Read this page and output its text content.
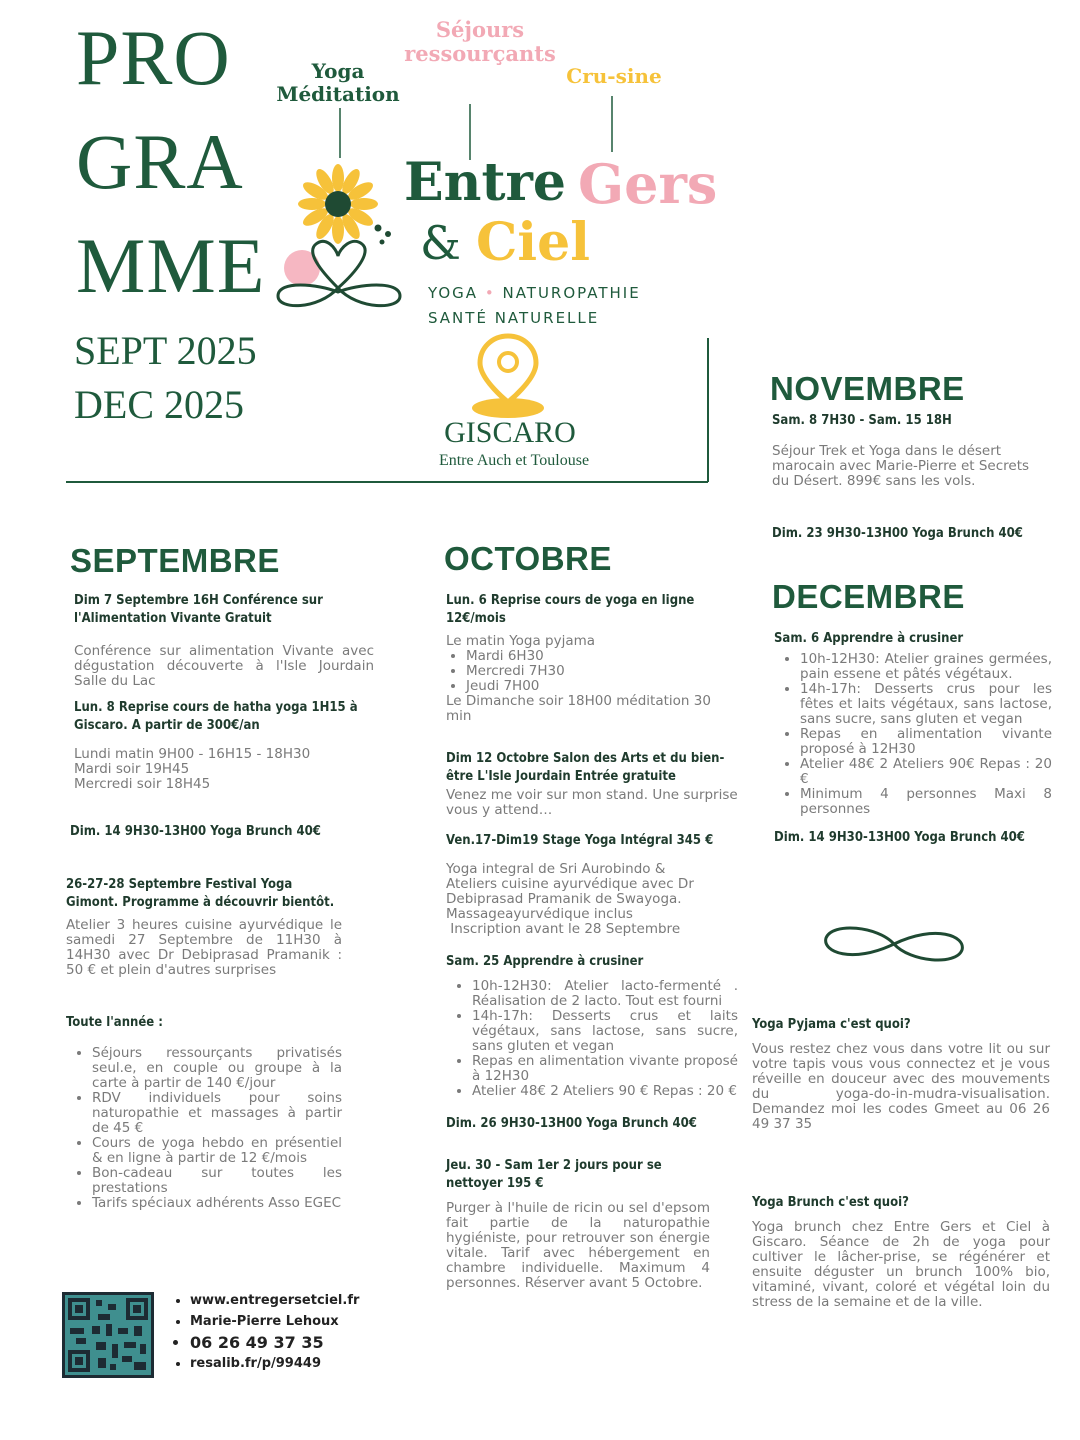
PRO
GRA
MME
SEPT 2025
DEC 2025
Yoga
Méditation
Séjours
ressourçants
Cru-sine
Entre Gers
& Ciel
YOGA • NATUROPATHIE
SANTÉ NATURELLE
GISCARO
Entre Auch et Toulouse
SEPTEMBRE
Dim 7 Septembre 16H Conférence sur l'Alimentation Vivante Gratuit
Conférence sur alimentation Vivante avec dégustation découverte à l'Isle Jourdain Salle du Lac
Lun. 8 Reprise cours de hatha yoga 1H15 à Giscaro. A partir de 300€/an
Lundi matin 9H00 - 16H15 - 18H30
Mardi soir 19H45
Mercredi soir 18H45
Dim. 14 9H30-13H00 Yoga Brunch 40€
26-27-28 Septembre Festival Yoga Gimont. Programme à découvrir bientôt.
Atelier 3 heures cuisine ayurvédique le samedi 27 Septembre de 11H30 à 14H30 avec Dr Debiprasad Pramanik : 50 € et plein d'autres surprises
Toute l'année :
• Séjours ressourçants privatisés seul.e, en couple ou groupe à la carte à partir de 140 €/jour
• RDV individuels pour soins naturopathie et massages à partir de 45 €
• Cours de yoga hebdo en présentiel & en ligne à partir de 12 €/mois
• Bon-cadeau sur toutes les prestations
• Tarifs spéciaux adhérents Asso EGEC
• www.entregersetciel.fr
• Marie-Pierre Lehoux
• 06 26 49 37 35
• resalib.fr/p/99449
OCTOBRE
Lun. 6 Reprise cours de yoga en ligne 12€/mois
Le matin Yoga pyjama
• Mardi 6H30
• Mercredi 7H30
• Jeudi 7H00
Le Dimanche soir 18H00 méditation 30 min
Dim 12 Octobre Salon des Arts et du bien-être L'Isle Jourdain Entrée gratuite
Venez me voir sur mon stand. Une surprise vous y attend…
Ven.17-Dim19 Stage Yoga Intégral 345 €
Yoga integral de Sri Aurobindo &
Ateliers cuisine ayurvédique avec Dr
Debiprasad Pramanik de Swayoga.
Massageayurvédique inclus
Inscription avant le 28 Septembre
Sam. 25 Apprendre à crusiner
• 10h-12H30: Atelier lacto-fermenté . Réalisation de 2 lacto. Tout est fourni
• 14h-17h: Desserts crus et laits végétaux, sans lactose, sans sucre, sans gluten et vegan
• Repas en alimentation vivante proposé à 12H30
• Atelier 48€ 2 Ateliers 90 € Repas : 20 €
Dim. 26 9H30-13H00 Yoga Brunch 40€
Jeu. 30 - Sam 1er 2 jours pour se nettoyer 195 €
Purger à l'huile de ricin ou sel d'epsom fait partie de la naturopathie hygiéniste, pour retrouver son énergie vitale. Tarif avec hébergement en chambre individuelle. Maximum 4 personnes. Réserver avant 5 Octobre.
NOVEMBRE
Sam. 8 7H30 - Sam. 15 18H
Séjour Trek et Yoga dans le désert marocain avec Marie-Pierre et Secrets du Désert. 899€ sans les vols.
Dim. 23 9H30-13H00 Yoga Brunch 40€
DECEMBRE
Sam. 6 Apprendre à crusiner
• 10h-12H30: Atelier graines germées, pain essene et pâtés végétaux.
• 14h-17h: Desserts crus pour les fêtes et laits végétaux, sans lactose, sans sucre, sans gluten et vegan
• Repas en alimentation vivante proposé à 12H30
• Atelier 48€ 2 Ateliers 90€ Repas : 20 €
• Minimum 4 personnes Maxi 8 personnes
Dim. 14 9H30-13H00 Yoga Brunch 40€
Yoga Pyjama c'est quoi?
Vous restez chez vous dans votre lit ou sur votre tapis vous vous connectez et je vous réveille en douceur avec des mouvements du yoga-do-in-mudra-visualisation. Demandez moi les codes Gmeet au 06 26 49 37 35
Yoga Brunch c'est quoi?
Yoga brunch chez Entre Gers et Ciel à Giscaro. Séance de 2h de yoga pour cultiver le lâcher-prise, se régénérer et ensuite déguster un brunch 100% bio, vitaminé, vivant, coloré et végétal loin du stress de la semaine et de la ville.
